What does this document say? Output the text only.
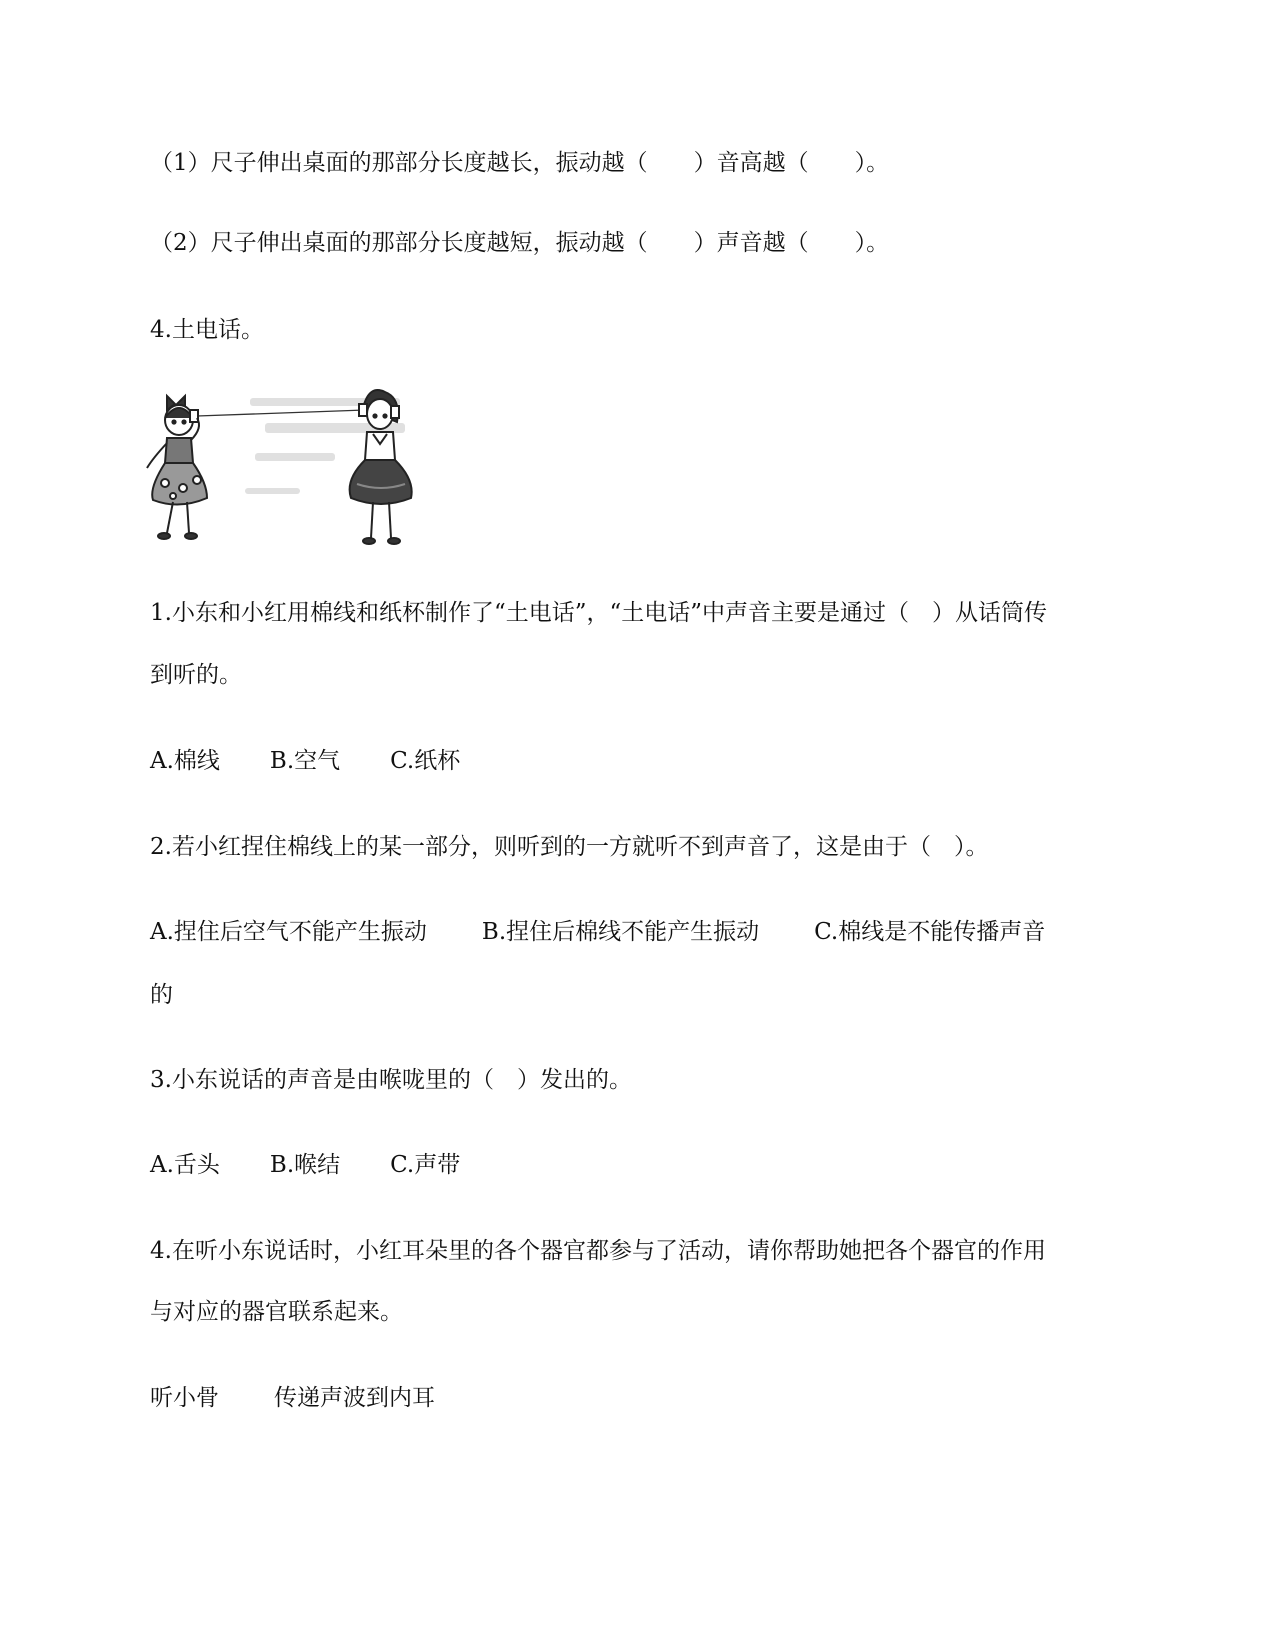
（1）尺子伸出桌面的那部分长度越长，振动越（　　）音高越（　　）。
（2）尺子伸出桌面的那部分长度越短，振动越（　　）声音越（　　）。
4.土电话。
1.小东和小红用棉线和纸杯制作了“土电话”，“土电话”中声音主要是通过（　）从话筒传
到听的。
A.棉线 B.空气 C.纸杯
2.若小红捏住棉线上的某一部分，则听到的一方就听不到声音了，这是由于（　）。
A.捏住后空气不能产生振动 B.捏住后棉线不能产生振动 C.棉线是不能传播声音
的
3.小东说话的声音是由喉咙里的（　）发出的。
A.舌头 B.喉结 C.声带
4.在听小东说话时，小红耳朵里的各个器官都参与了活动，请你帮助她把各个器官的作用
与对应的器官联系起来。
听小骨 传递声波到内耳
